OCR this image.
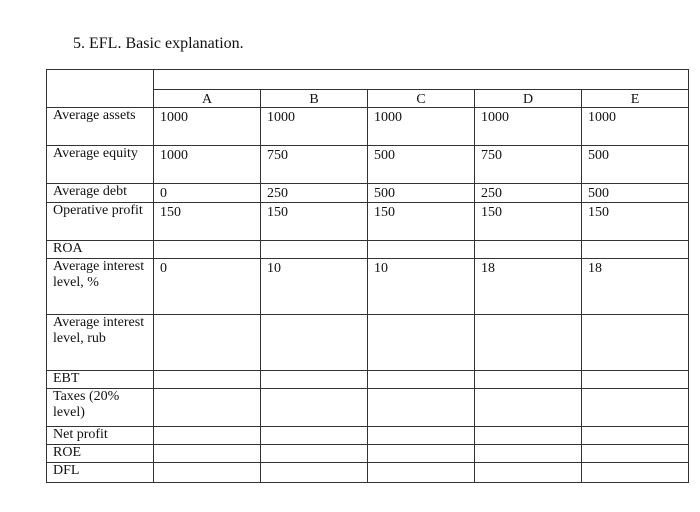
5. EFL. Basic explanation.

	A	B	C	D	E
Average assets	1000	1000	1000	1000	1000
Average equity	1000	750	500	750	500
Average debt	0	250	500	250	500
Operative profit	150	150	150	150	150
ROA					
Average interest level, %	0	10	10	18	18
Average interest level, rub					
EBT					
Taxes (20% level)					
Net profit					
ROE					
DFL					
